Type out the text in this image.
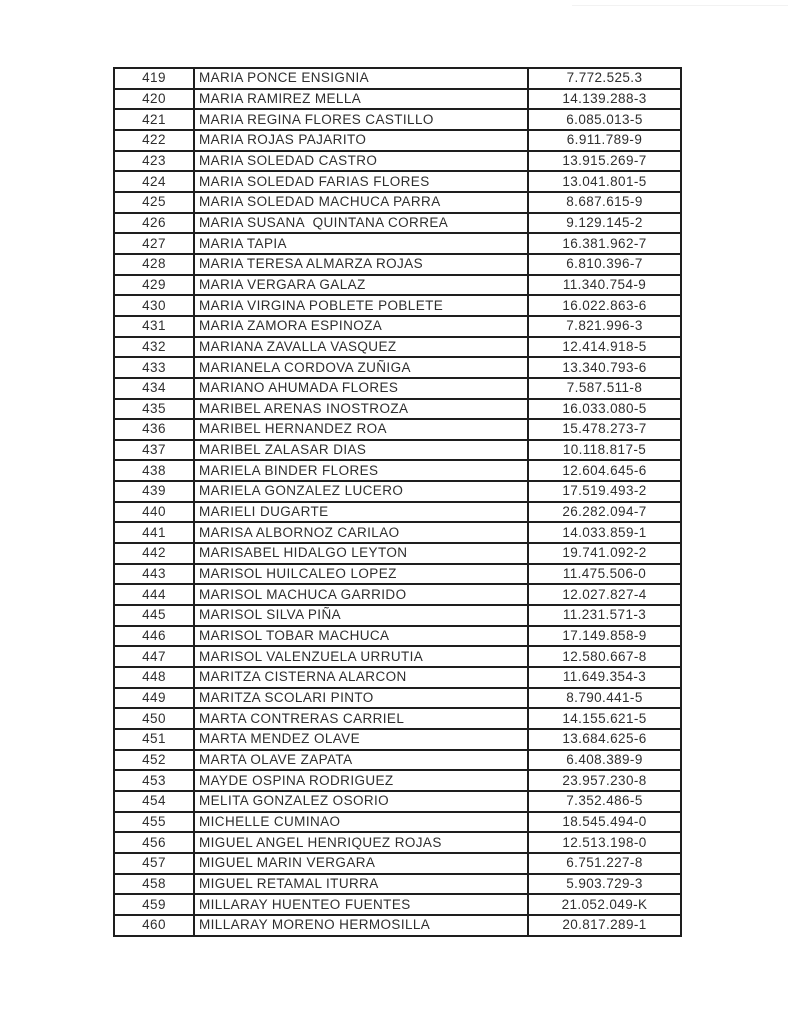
419	MARIA PONCE ENSIGNIA	7.772.525.3
420	MARIA RAMIREZ MELLA	14.139.288-3
421	MARIA REGINA FLORES CASTILLO	6.085.013-5
422	MARIA ROJAS PAJARITO	6.911.789-9
423	MARIA SOLEDAD CASTRO	13.915.269-7
424	MARIA SOLEDAD FARIAS FLORES	13.041.801-5
425	MARIA SOLEDAD MACHUCA PARRA	8.687.615-9
426	MARIA SUSANA  QUINTANA CORREA	9.129.145-2
427	MARIA TAPIA	16.381.962-7
428	MARIA TERESA ALMARZA ROJAS	6.810.396-7
429	MARIA VERGARA GALAZ	11.340.754-9
430	MARIA VIRGINA POBLETE POBLETE	16.022.863-6
431	MARIA ZAMORA ESPINOZA	7.821.996-3
432	MARIANA ZAVALLA VASQUEZ	12.414.918-5
433	MARIANELA CORDOVA ZUÑIGA	13.340.793-6
434	MARIANO AHUMADA FLORES	7.587.511-8
435	MARIBEL ARENAS INOSTROZA	16.033.080-5
436	MARIBEL HERNANDEZ ROA	15.478.273-7
437	MARIBEL ZALASAR DIAS	10.118.817-5
438	MARIELA BINDER FLORES	12.604.645-6
439	MARIELA GONZALEZ LUCERO	17.519.493-2
440	MARIELI DUGARTE	26.282.094-7
441	MARISA ALBORNOZ CARILAO	14.033.859-1
442	MARISABEL HIDALGO LEYTON	19.741.092-2
443	MARISOL HUILCALEO LOPEZ	11.475.506-0
444	MARISOL MACHUCA GARRIDO	12.027.827-4
445	MARISOL SILVA PIÑA	11.231.571-3
446	MARISOL TOBAR MACHUCA	17.149.858-9
447	MARISOL VALENZUELA URRUTIA	12.580.667-8
448	MARITZA CISTERNA ALARCON	11.649.354-3
449	MARITZA SCOLARI PINTO	8.790.441-5
450	MARTA CONTRERAS CARRIEL	14.155.621-5
451	MARTA MENDEZ OLAVE	13.684.625-6
452	MARTA OLAVE ZAPATA	6.408.389-9
453	MAYDE OSPINA RODRIGUEZ	23.957.230-8
454	MELITA GONZALEZ OSORIO	7.352.486-5
455	MICHELLE CUMINAO	18.545.494-0
456	MIGUEL ANGEL HENRIQUEZ ROJAS	12.513.198-0
457	MIGUEL MARIN VERGARA	6.751.227-8
458	MIGUEL RETAMAL ITURRA	5.903.729-3
459	MILLARAY HUENTEO FUENTES	21.052.049-K
460	MILLARAY MORENO HERMOSILLA	20.817.289-1
